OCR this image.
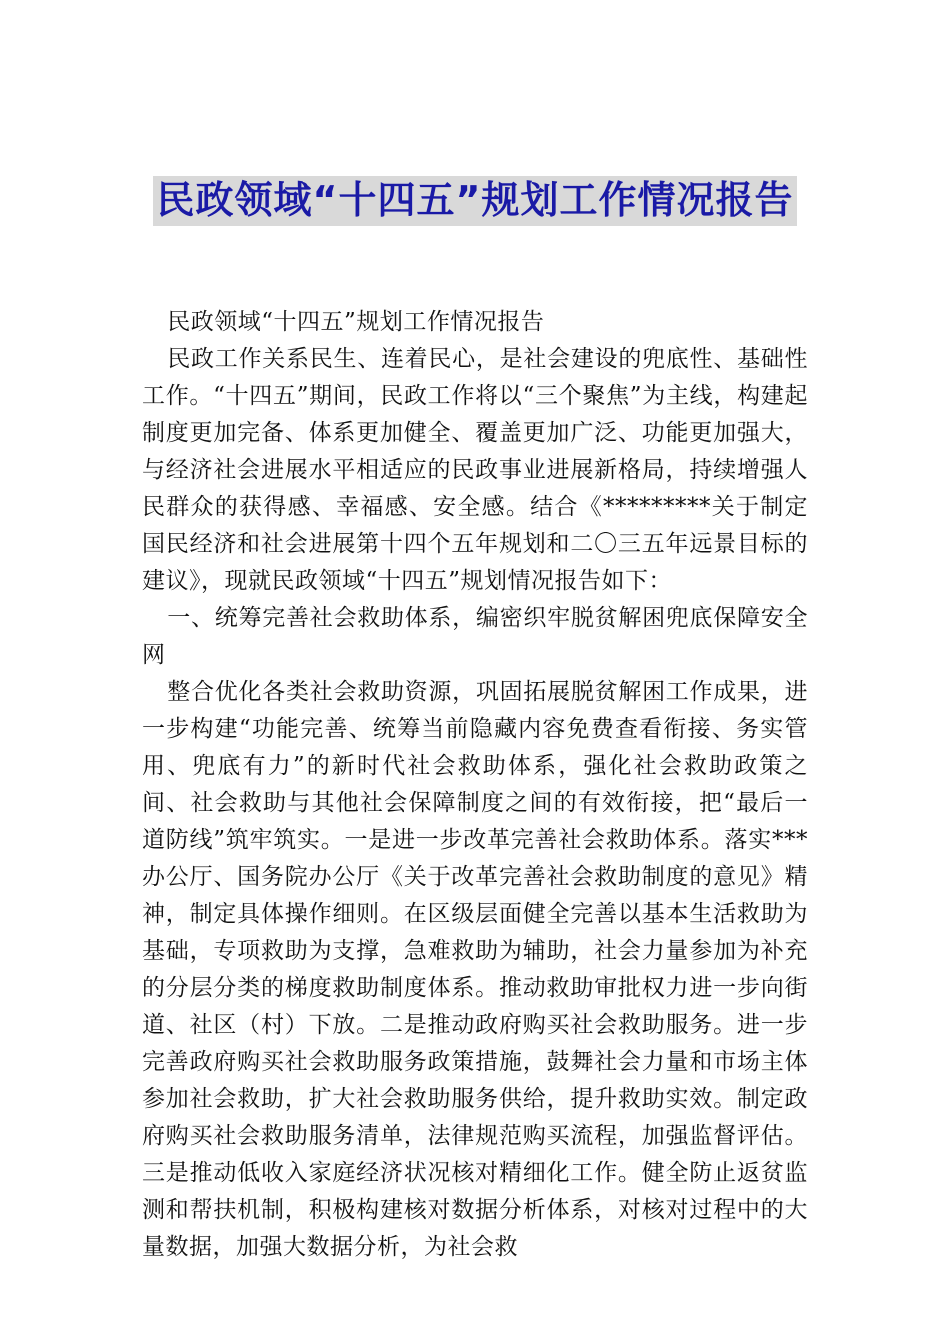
民政领域“十四五”规划工作情况报告

民政领域“十四五”规划工作情况报告

民政工作关系民生、连着民心，是社会建设的兜底性、基础性工作。“十四五”期间，民政工作将以“三个聚焦”为主线，构建起制度更加完备、体系更加健全、覆盖更加广泛、功能更加强大，与经济社会进展水平相适应的民政事业进展新格局，持续增强人民群众的获得感、幸福感、安全感。结合《*********关于制定国民经济和社会进展第十四个五年规划和二〇三五年远景目标的建议》，现就民政领域“十四五”规划情况报告如下：

一、统筹完善社会救助体系，编密织牢脱贫解困兜底保障安全网

整合优化各类社会救助资源，巩固拓展脱贫解困工作成果，进一步构建“功能完善、统筹当前隐藏内容免费查看衔接、务实管用、兜底有力”的新时代社会救助体系，强化社会救助政策之间、社会救助与其他社会保障制度之间的有效衔接，把“最后一道防线”筑牢筑实。一是进一步改革完善社会救助体系。落实***办公厅、国务院办公厅《关于改革完善社会救助制度的意见》精神，制定具体操作细则。在区级层面健全完善以基本生活救助为基础，专项救助为支撑，急难救助为辅助，社会力量参加为补充的分层分类的梯度救助制度体系。推动救助审批权力进一步向街道、社区（村）下放。二是推动政府购买社会救助服务。进一步完善政府购买社会救助服务政策措施，鼓舞社会力量和市场主体参加社会救助，扩大社会救助服务供给，提升救助实效。制定政府购买社会救助服务清单，法律规范购买流程，加强监督评估。三是推动低收入家庭经济状况核对精细化工作。健全防止返贫监测和帮扶机制，积极构建核对数据分析体系，对核对过程中的大量数据，加强大数据分析，为社会救
